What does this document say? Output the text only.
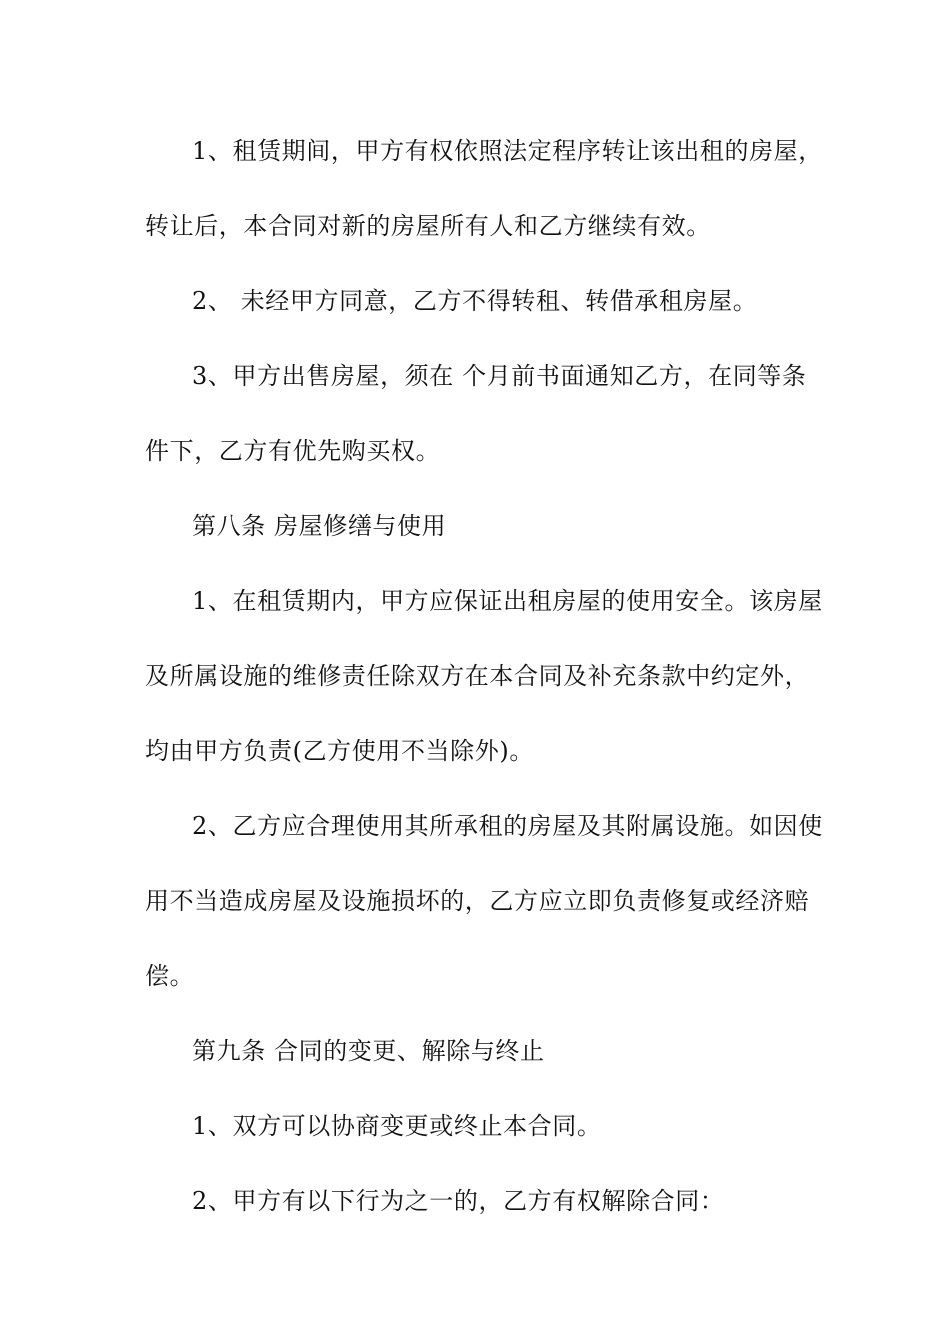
1、租赁期间，甲方有权依照法定程序转让该出租的房屋，
转让后，本合同对新的房屋所有人和乙方继续有效。
2、 未经甲方同意，乙方不得转租、转借承租房屋。
3、甲方出售房屋，须在 个月前书面通知乙方，在同等条
件下，乙方有优先购买权。
第八条 房屋修缮与使用
1、在租赁期内，甲方应保证出租房屋的使用安全。该房屋
及所属设施的维修责任除双方在本合同及补充条款中约定外，
均由甲方负责(乙方使用不当除外)。
2、乙方应合理使用其所承租的房屋及其附属设施。如因使
用不当造成房屋及设施损坏的，乙方应立即负责修复或经济赔
偿。
第九条 合同的变更、解除与终止
1、双方可以协商变更或终止本合同。
2、甲方有以下行为之一的，乙方有权解除合同：
